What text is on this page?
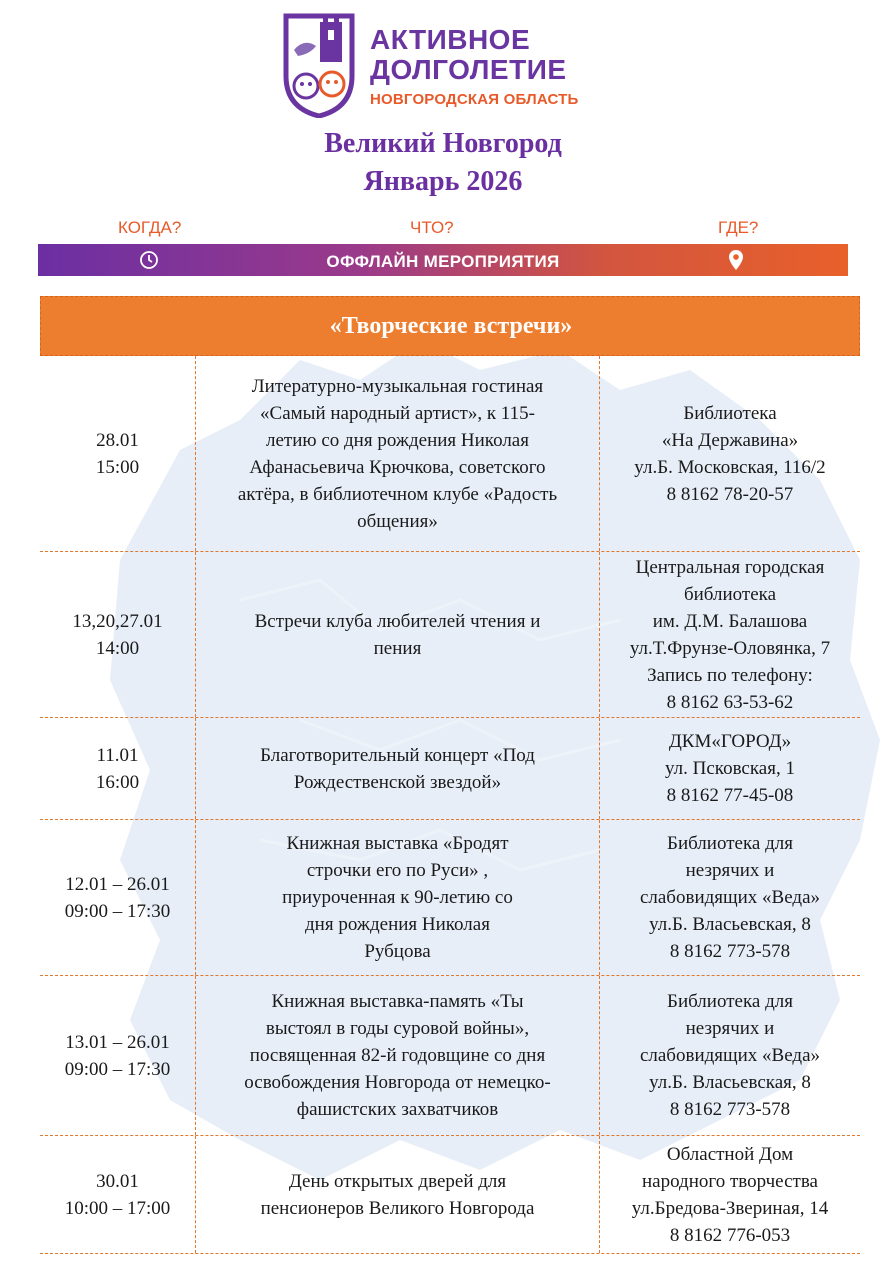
АКТИВНОЕ
ДОЛГОЛЕТИЕ
НОВГОРОДСКАЯ ОБЛАСТЬ
Великий Новгород
Январь 2026
КОГДА?	ЧТО?	ГДЕ?
ОФФЛАЙН МЕРОПРИЯТИЯ
«Творческие встречи»
28.01
15:00
Литературно-музыкальная гостиная
«Самый народный артист», к 115-
летию со дня рождения Николая
Афанасьевича Крючкова, советского
актёра, в библиотечном клубе «Радость
общения»
Библиотека
«На Державина»
ул.Б. Московская, 116/2
8 8162 78-20-57
13,20,27.01
14:00
Встречи клуба любителей чтения и
пения
Центральная городская
библиотека
им. Д.М. Балашова
ул.Т.Фрунзе-Оловянка, 7
Запись по телефону:
8 8162 63-53-62
11.01
16:00
Благотворительный концерт «Под
Рождественской звездой»
ДКМ«ГОРОД»
ул. Псковская, 1
8 8162 77-45-08
12.01 – 26.01
09:00 – 17:30
Книжная выставка «Бродят
строчки его по Руси» ,
приуроченная к 90-летию со
дня рождения Николая
Рубцова
Библиотека для
незрячих и
слабовидящих «Веда»
ул.Б. Власьевская, 8
8 8162 773-578
13.01 – 26.01
09:00 – 17:30
Книжная выставка-память «Ты
выстоял в годы суровой войны»,
посвященная 82-й годовщине со дня
освобождения Новгорода от немецко-
фашистских захватчиков
Библиотека для
незрячих и
слабовидящих «Веда»
ул.Б. Власьевская, 8
8 8162 773-578
30.01
10:00 – 17:00
День открытых дверей для
пенсионеров Великого Новгорода
Областной Дом
народного творчества
ул.Бредова-Звериная, 14
8 8162 776-053
